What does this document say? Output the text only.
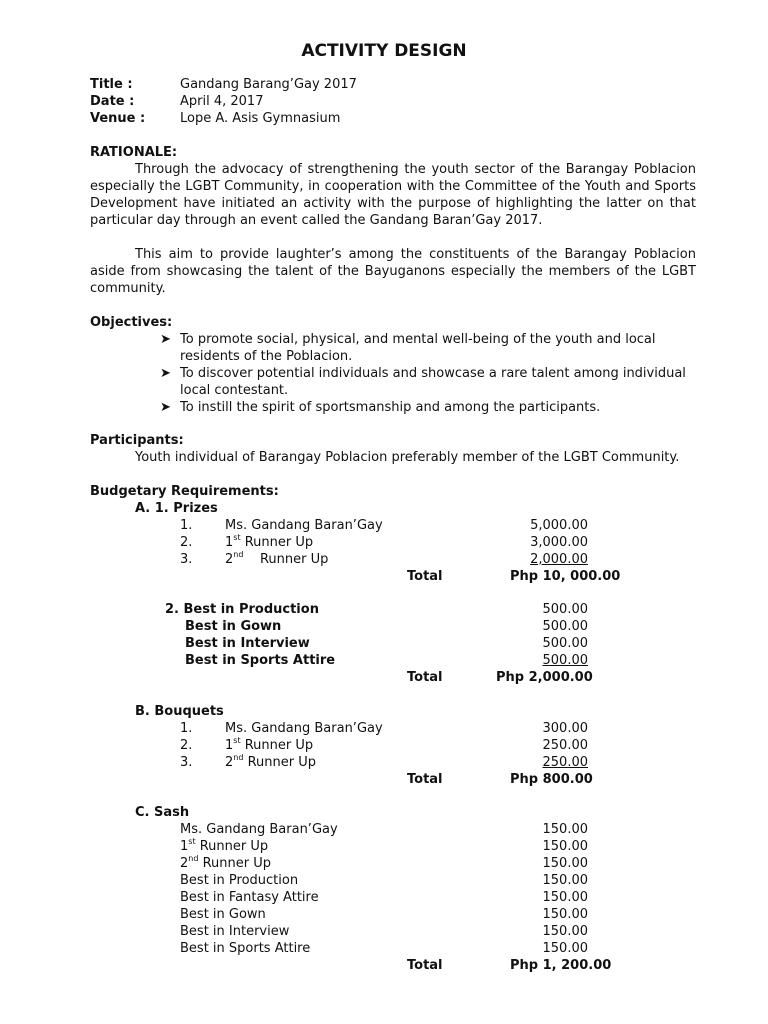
ACTIVITY DESIGN
Title :	Gandang Barang’Gay 2017
Date :	April 4, 2017
Venue :	Lope A. Asis Gymnasium
RATIONALE:

Through the advocacy of strengthening the youth sector of the Barangay Poblacion especially the LGBT Community, in cooperation with the Committee of the Youth and Sports Development have initiated an activity with the purpose of highlighting the latter on that particular day through an event called the Gandang Baran’Gay 2017.

This aim to provide laughter’s among the constituents of the Barangay Poblacion aside from showcasing the talent of the Bayuganons especially the members of the LGBT community.

Objectives:
➤ To promote social, physical, and mental well-being of the youth and local
residents of the Poblacion.
➤ To discover potential individuals and showcase a rare talent among individual
local contestant.
➤ To instill the spirit of sportsmanship and among the participants.
Participants:
Youth individual of Barangay Poblacion preferably member of the LGBT Community.
Budgetary Requirements:
A. 1. Prizes
1.	Ms. Gandang Baran’Gay	5,000.00
2.	1st Runner Up	3,000.00
3.	2nd    Runner Up	2,000.00
Total	Php 10, 000.00
2. Best in Production	500.00
Best in Gown	500.00
Best in Interview	500.00
Best in Sports Attire	500.00
Total	Php 2,000.00
B. Bouquets
1.	Ms. Gandang Baran’Gay	300.00
2.	1st Runner Up	250.00
3.	2nd Runner Up	250.00
Total	Php 800.00
C. Sash
Ms. Gandang Baran’Gay	150.00
1st Runner Up	150.00
2nd Runner Up	150.00
Best in Production	150.00
Best in Fantasy Attire	150.00
Best in Gown	150.00
Best in Interview	150.00
Best in Sports Attire	150.00
Total	Php 1, 200.00
